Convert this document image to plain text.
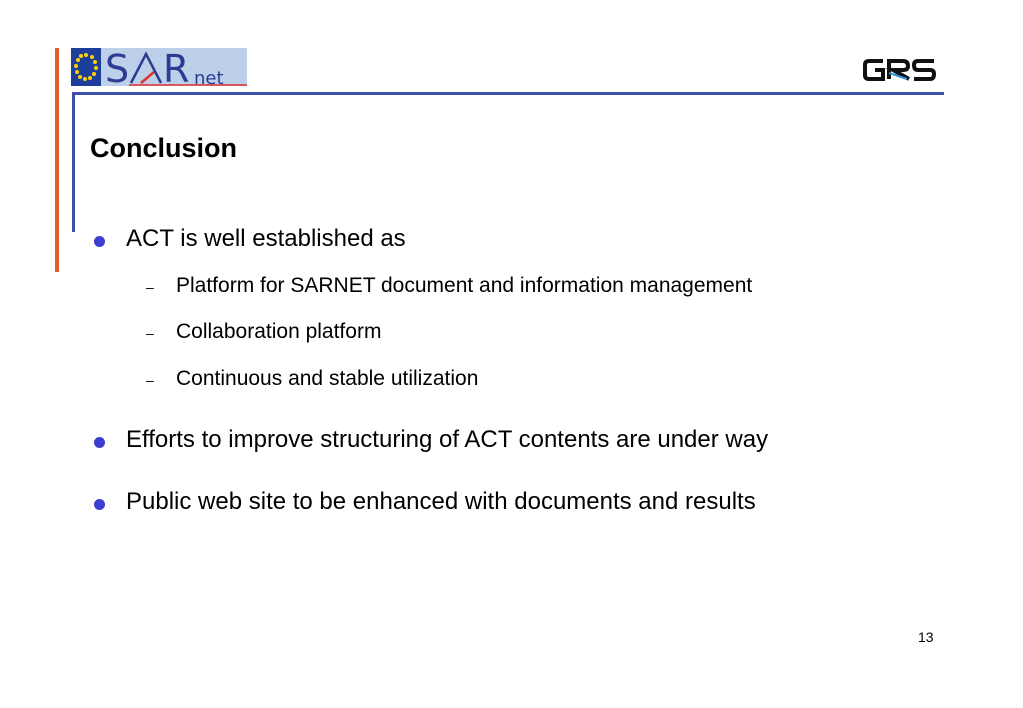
S R net
Conclusion
ACT is well established as
– Platform for SARNET document and information management
– Collaboration platform
– Continuous and stable utilization
Efforts to improve structuring of ACT contents are under way
Public web site to be enhanced with documents and results
13
